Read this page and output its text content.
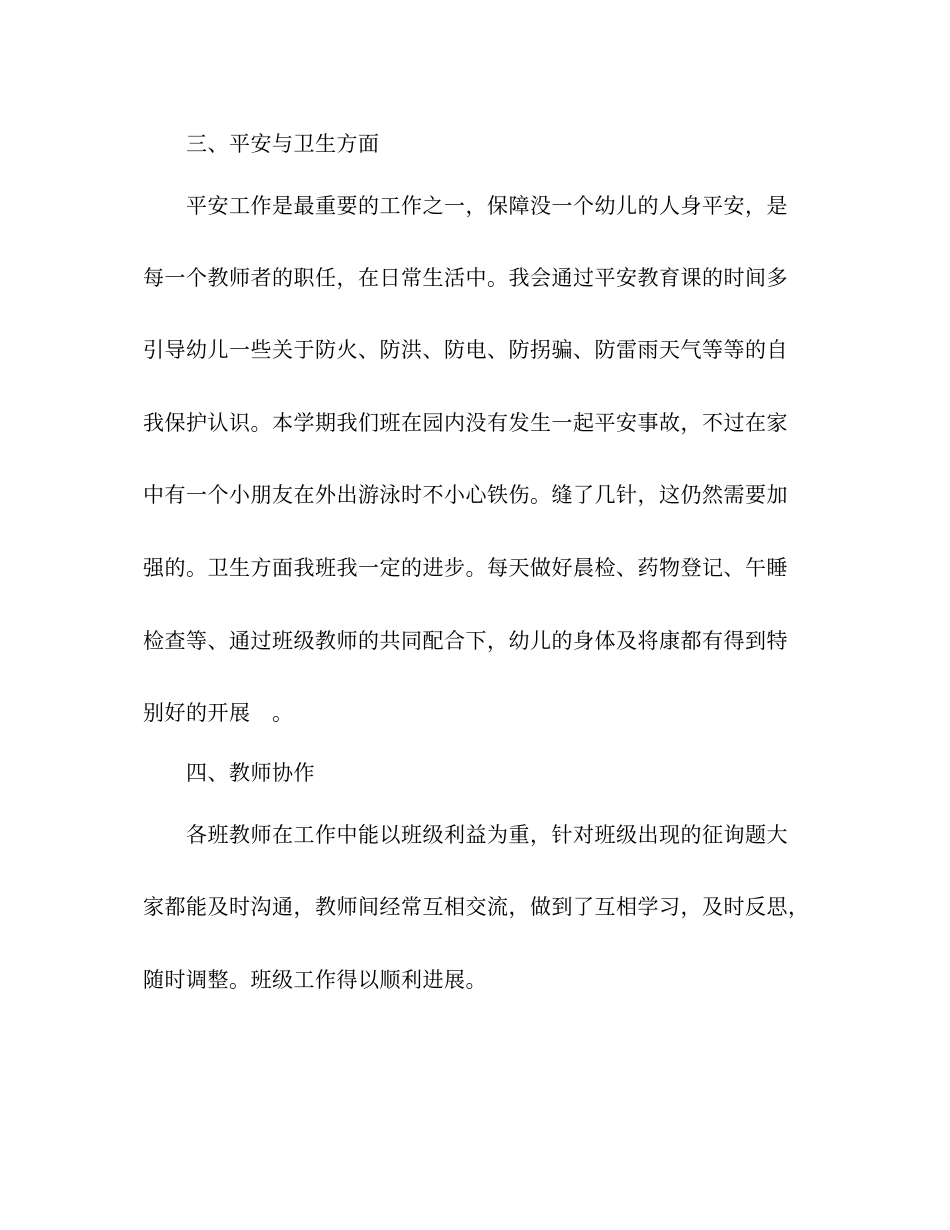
三、平安与卫生方面
平安工作是最重要的工作之一，保障没一个幼儿的人身平安，是
每一个教师者的职任，在日常生活中。我会通过平安教育课的时间多
引导幼儿一些关于防火、防洪、防电、防拐骗、防雷雨天气等等的自
我保护认识。本学期我们班在园内没有发生一起平安事故，不过在家
中有一个小朋友在外出游泳时不小心铁伤。缝了几针，这仍然需要加
强的。卫生方面我班我一定的进步。每天做好晨检、药物登记、午睡
检查等、通过班级教师的共同配合下，幼儿的身体及将康都有得到特
别好的开展　。
四、教师协作
各班教师在工作中能以班级利益为重，针对班级出现的征询题大
家都能及时沟通，教师间经常互相交流，做到了互相学习，及时反思，
随时调整。班级工作得以顺利进展。
